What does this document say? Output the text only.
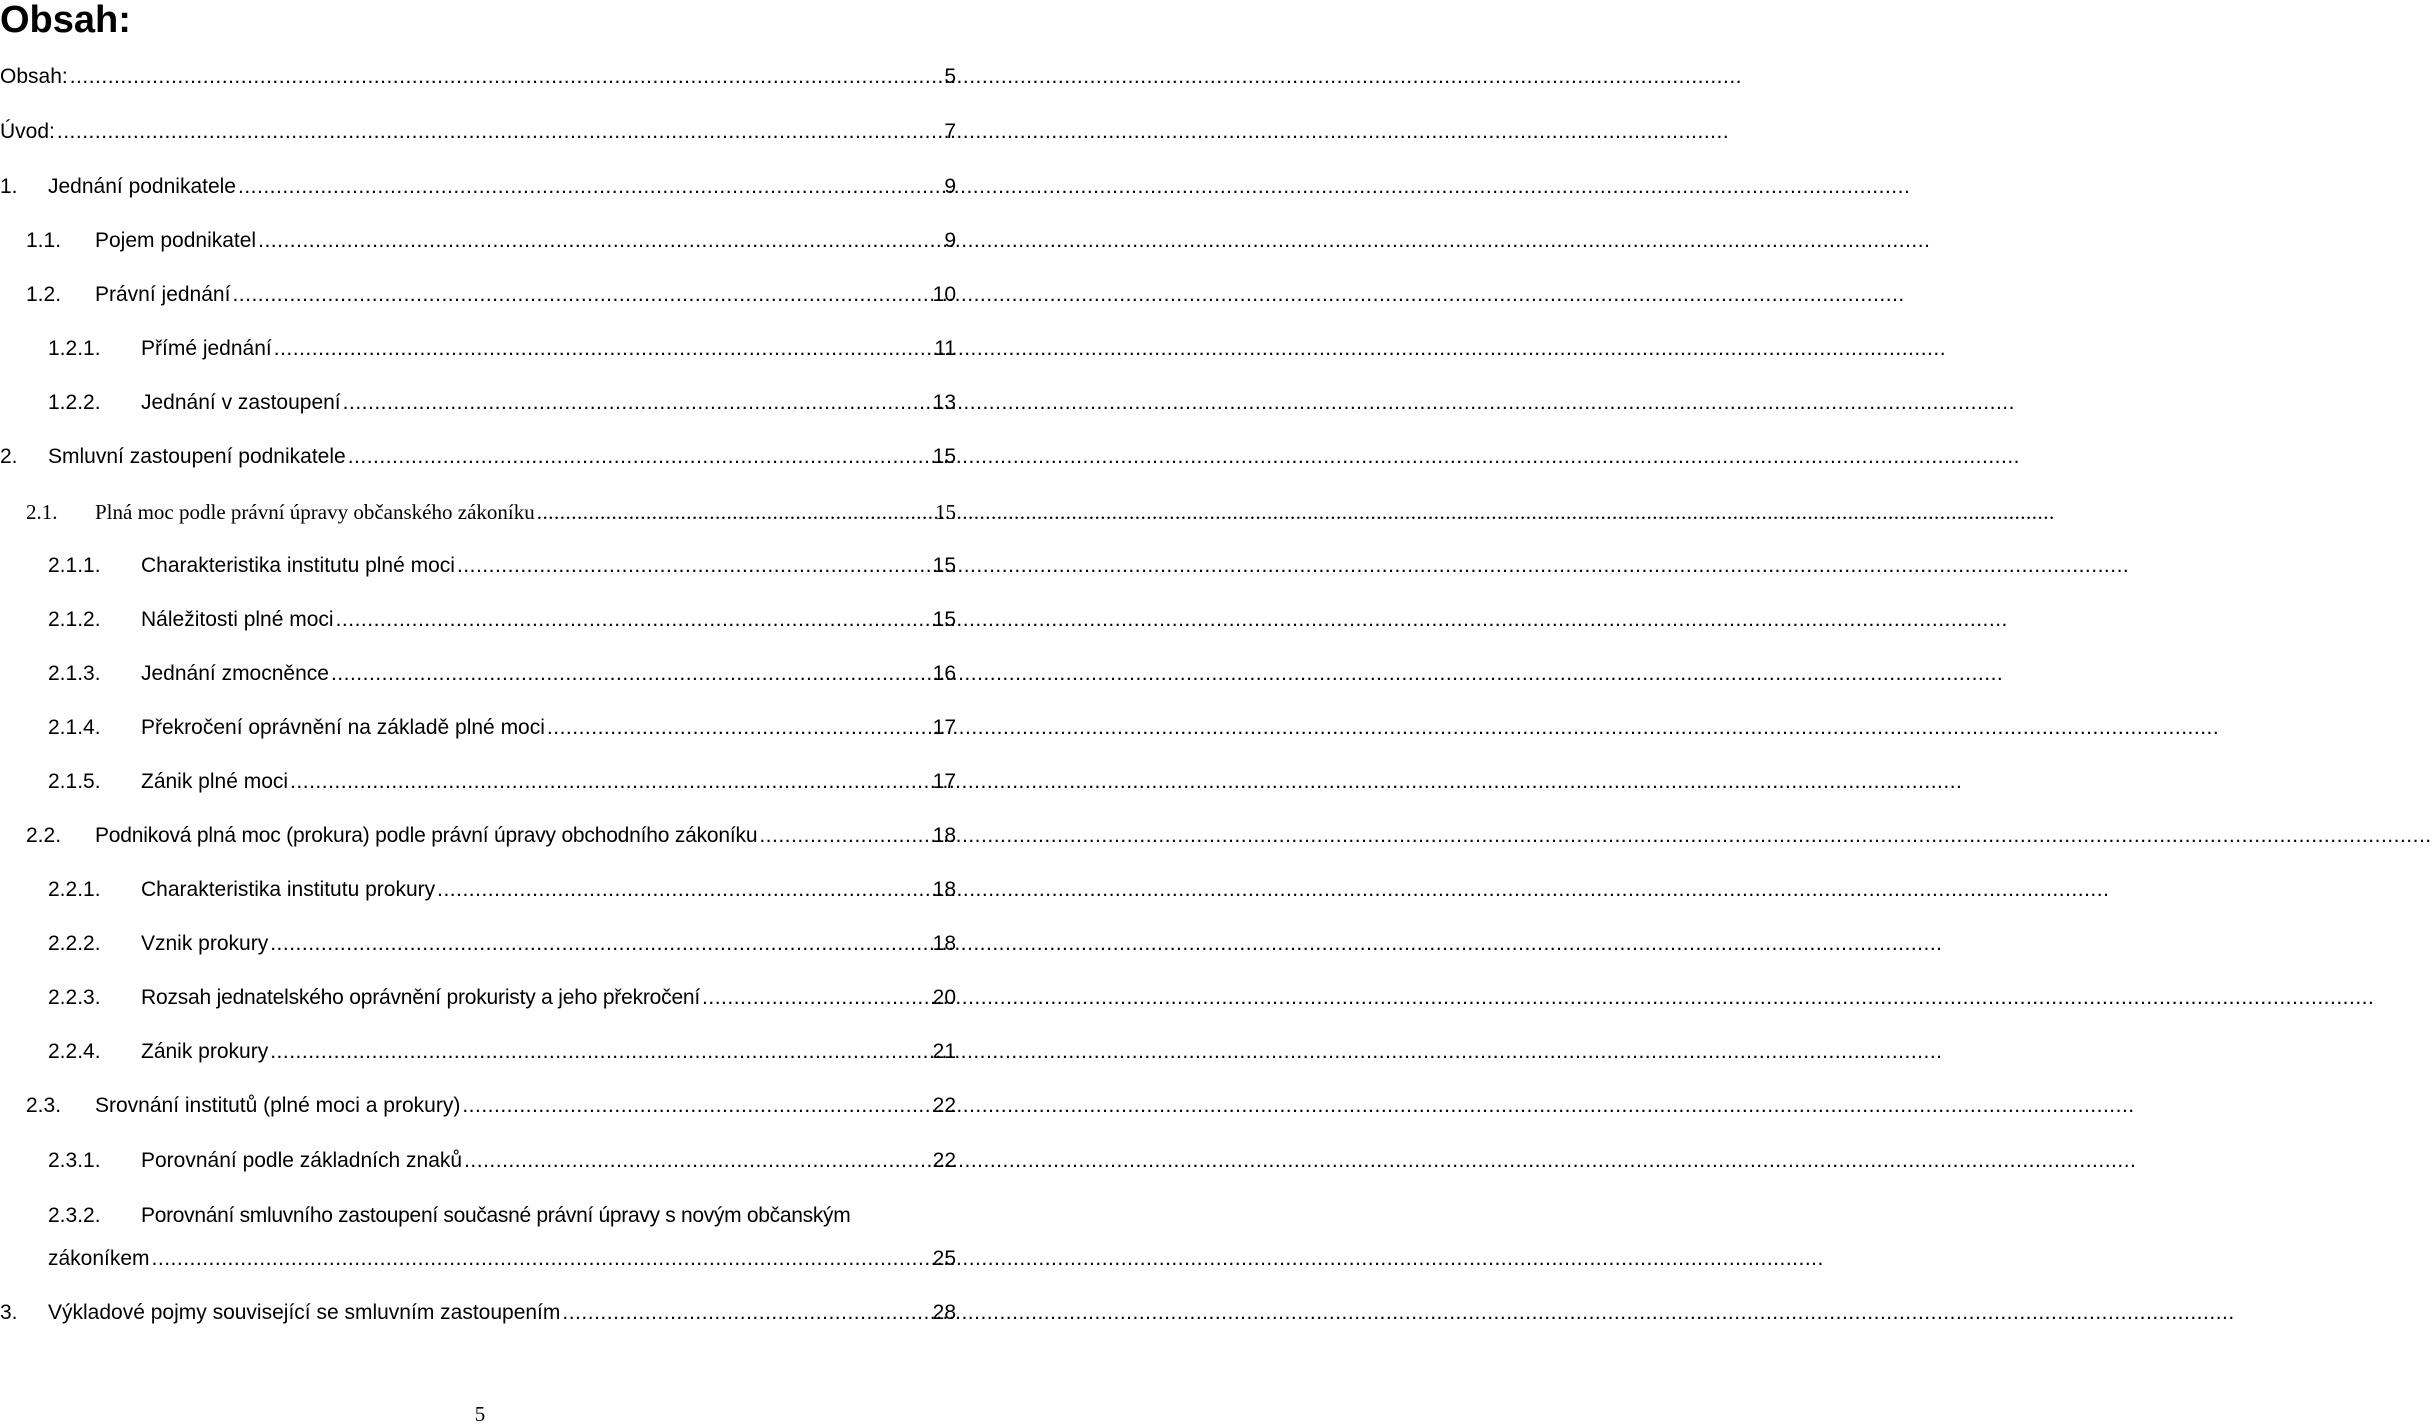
Obsah:
Obsah: .....	5
Úvod: .....	7
1.	Jednání podnikatele .....	9
1.1.	Pojem podnikatel .....	9
1.2.	Právní jednání .....	10
1.2.1.	Přímé jednání .....	11
1.2.2.	Jednání v zastoupení .....	13
2.	Smluvní zastoupení podnikatele .....	15
2.1.	Plná moc podle právní úpravy občanského zákoníku .....	15
2.1.1.	Charakteristika institutu plné moci .....	15
2.1.2.	Náležitosti plné moci .....	15
2.1.3.	Jednání zmocněnce .....	16
2.1.4.	Překročení oprávnění na základě plné moci .....	17
2.1.5.	Zánik plné moci .....	17
2.2.	Podniková plná moc (prokura) podle právní úpravy obchodního zákoníku .....	18
2.2.1.	Charakteristika institutu prokury .....	18
2.2.2.	Vznik prokury .....	18
2.2.3.	Rozsah jednatelského oprávnění prokuristy a jeho překročení .....	20
2.2.4.	Zánik prokury .....	21
2.3.	Srovnání institutů (plné moci a prokury) .....	22
2.3.1.	Porovnání podle základních znaků .....	22
2.3.2.	Porovnání smluvního zastoupení současné právní úpravy s novým občanským
zákoníkem .....	25
3.	Výkladové pojmy související se smluvním zastoupením .....	28
5
